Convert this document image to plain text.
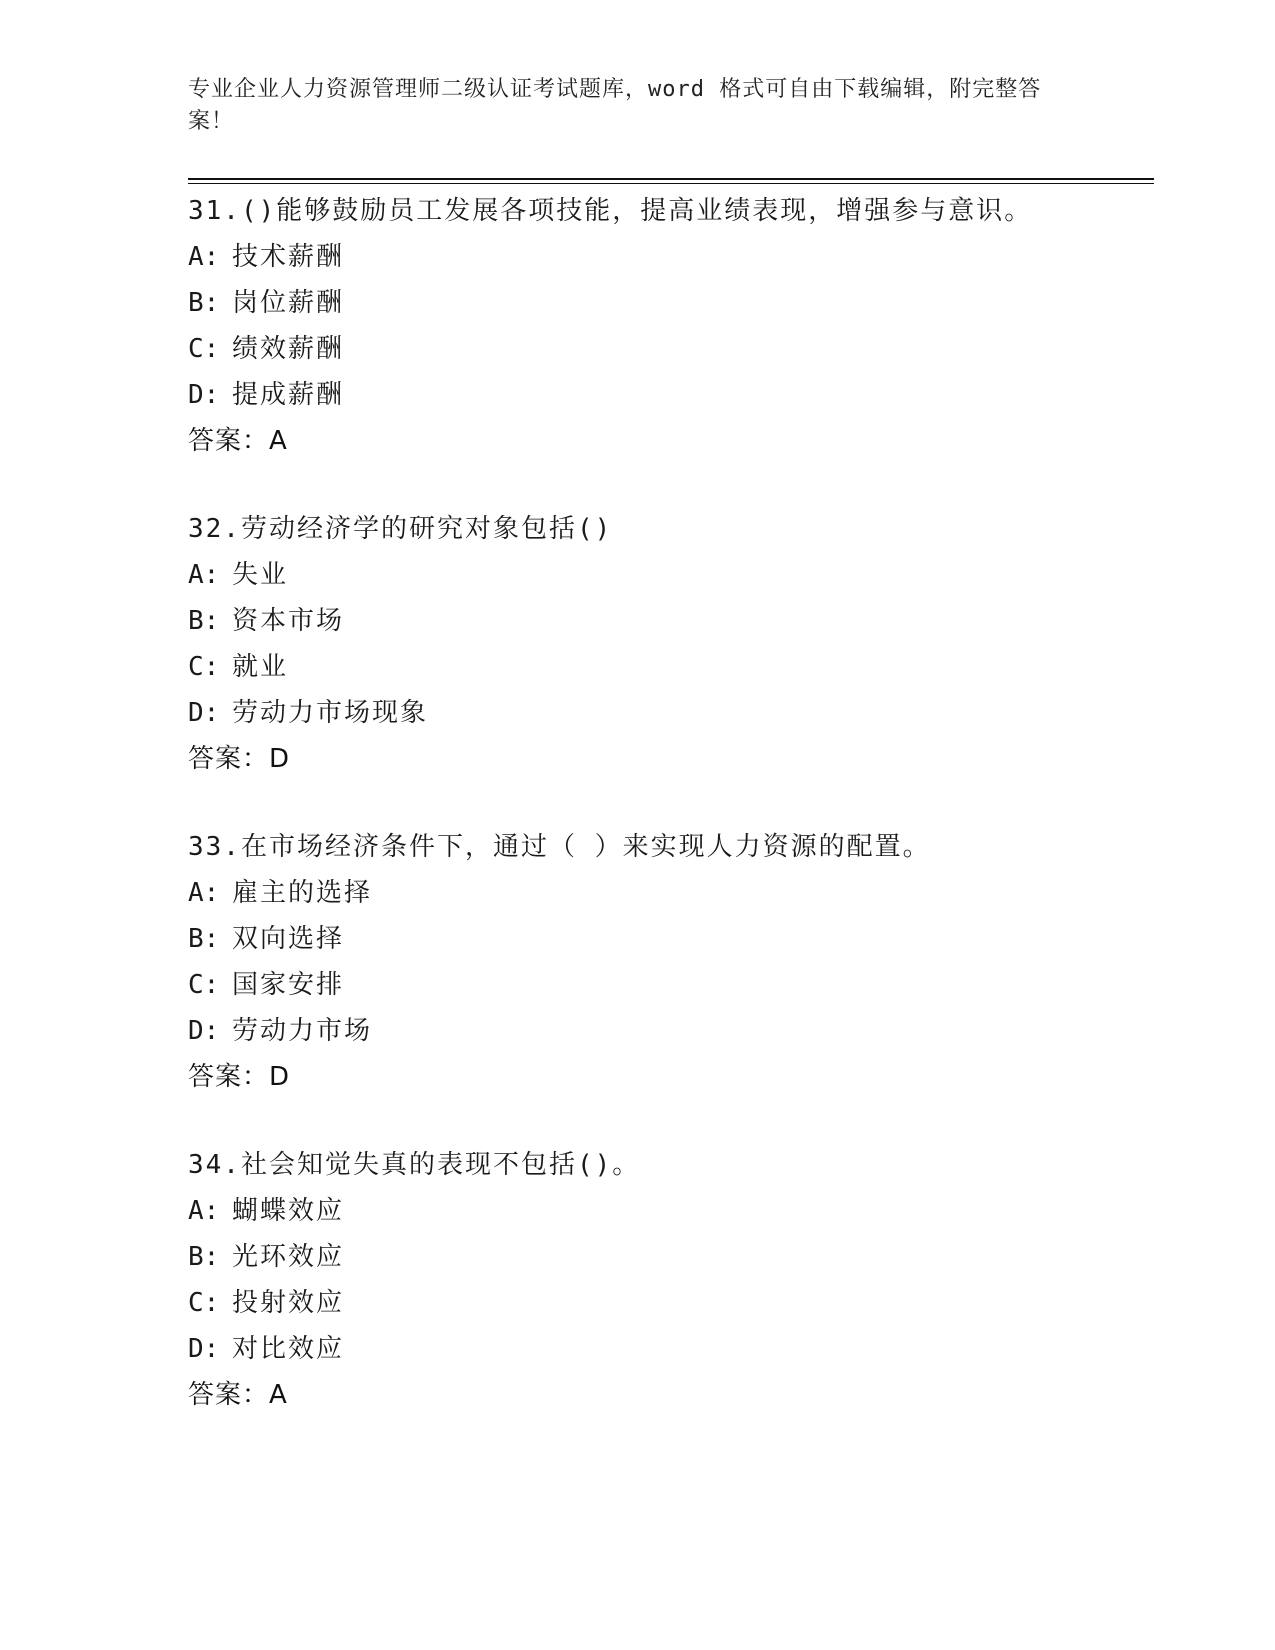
专业企业人力资源管理师二级认证考试题库，word 格式可自由下载编辑，附完整答案！
31.()能够鼓励员工发展各项技能，提高业绩表现，增强参与意识。
A: 技术薪酬
B: 岗位薪酬
C: 绩效薪酬
D: 提成薪酬
答案：A
32.劳动经济学的研究对象包括()
A: 失业
B: 资本市场
C: 就业
D: 劳动力市场现象
答案：D
33.在市场经济条件下，通过（ ）来实现人力资源的配置。
A: 雇主的选择
B: 双向选择
C: 国家安排
D: 劳动力市场
答案：D
34.社会知觉失真的表现不包括()。
A: 蝴蝶效应
B: 光环效应
C: 投射效应
D: 对比效应
答案：A
